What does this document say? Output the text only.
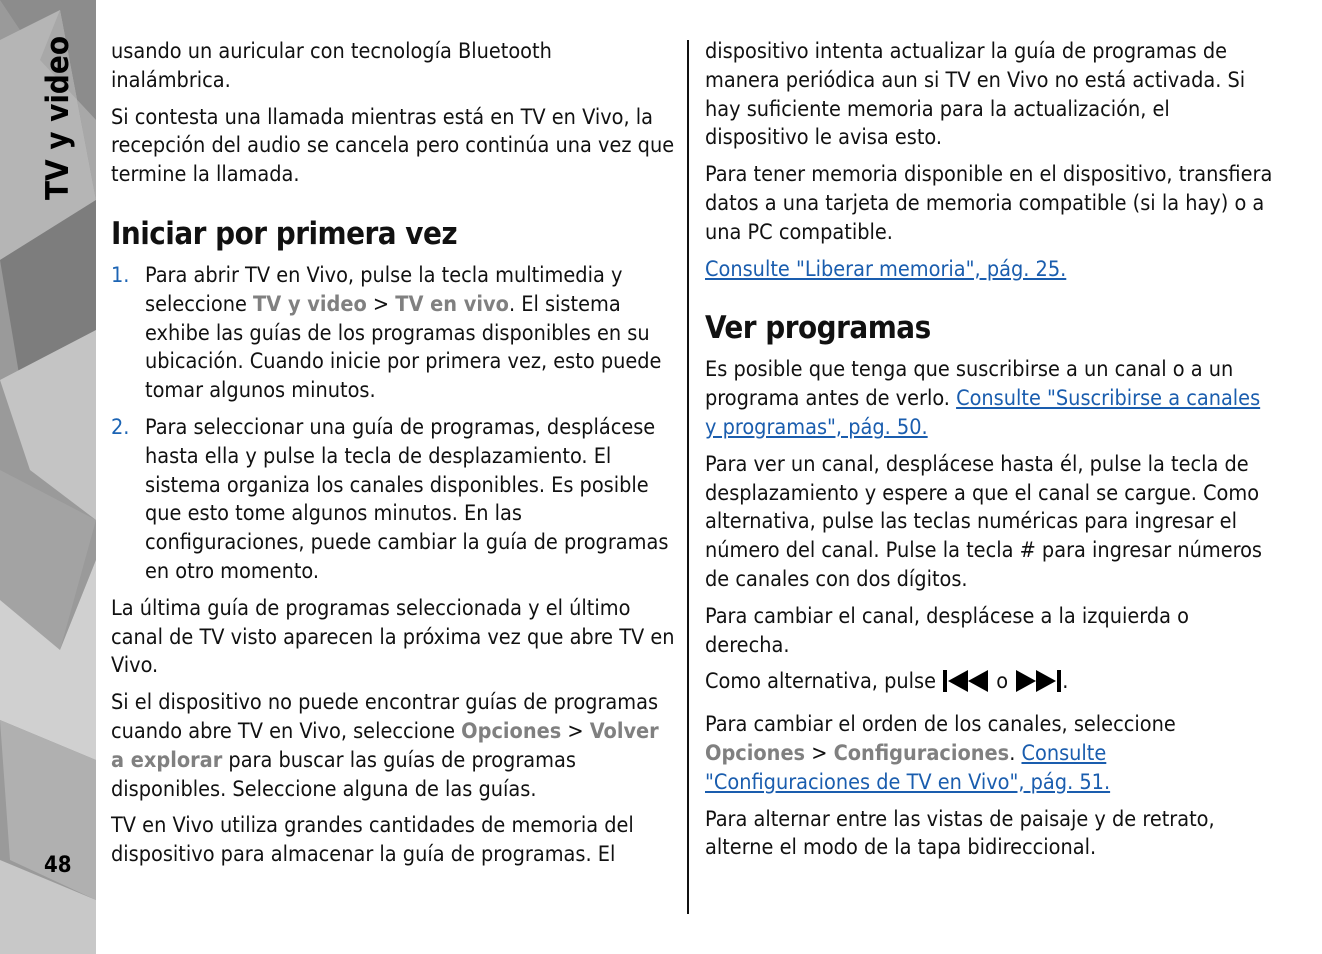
TV y video
48

usando un auricular con tecnología Bluetooth inalámbrica.

Si contesta una llamada mientras está en TV en Vivo, la recepción del audio se cancela pero continúa una vez que termine la llamada.

Iniciar por primera vez
1. Para abrir TV en Vivo, pulse la tecla multimedia y seleccione TV y video > TV en vivo. El sistema exhibe las guías de los programas disponibles en su ubicación. Cuando inicie por primera vez, esto puede tomar algunos minutos.
2. Para seleccionar una guía de programas, desplácese hasta ella y pulse la tecla de desplazamiento. El sistema organiza los canales disponibles. Es posible que esto tome algunos minutos. En las configuraciones, puede cambiar la guía de programas en otro momento.

La última guía de programas seleccionada y el último canal de TV visto aparecen la próxima vez que abre TV en Vivo.

Si el dispositivo no puede encontrar guías de programas cuando abre TV en Vivo, seleccione Opciones > Volver a explorar para buscar las guías de programas disponibles. Seleccione alguna de las guías.

TV en Vivo utiliza grandes cantidades de memoria del dispositivo para almacenar la guía de programas. El

dispositivo intenta actualizar la guía de programas de manera periódica aun si TV en Vivo no está activada. Si hay suficiente memoria para la actualización, el dispositivo le avisa esto.

Para tener memoria disponible en el dispositivo, transfiera datos a una tarjeta de memoria compatible (si la hay) o a una PC compatible.

Consulte "Liberar memoria", pág. 25.

Ver programas

Es posible que tenga que suscribirse a un canal o a un programa antes de verlo. Consulte "Suscribirse a canales y programas", pág. 50.

Para ver un canal, desplácese hasta él, pulse la tecla de desplazamiento y espere a que el canal se cargue. Como alternativa, pulse las teclas numéricas para ingresar el número del canal. Pulse la tecla # para ingresar números de canales con dos dígitos.

Para cambiar el canal, desplácese a la izquierda o derecha.

Como alternativa, pulse  o .

Para cambiar el orden de los canales, seleccione Opciones > Configuraciones. Consulte "Configuraciones de TV en Vivo", pág. 51.

Para alternar entre las vistas de paisaje y de retrato, alterne el modo de la tapa bidireccional.
